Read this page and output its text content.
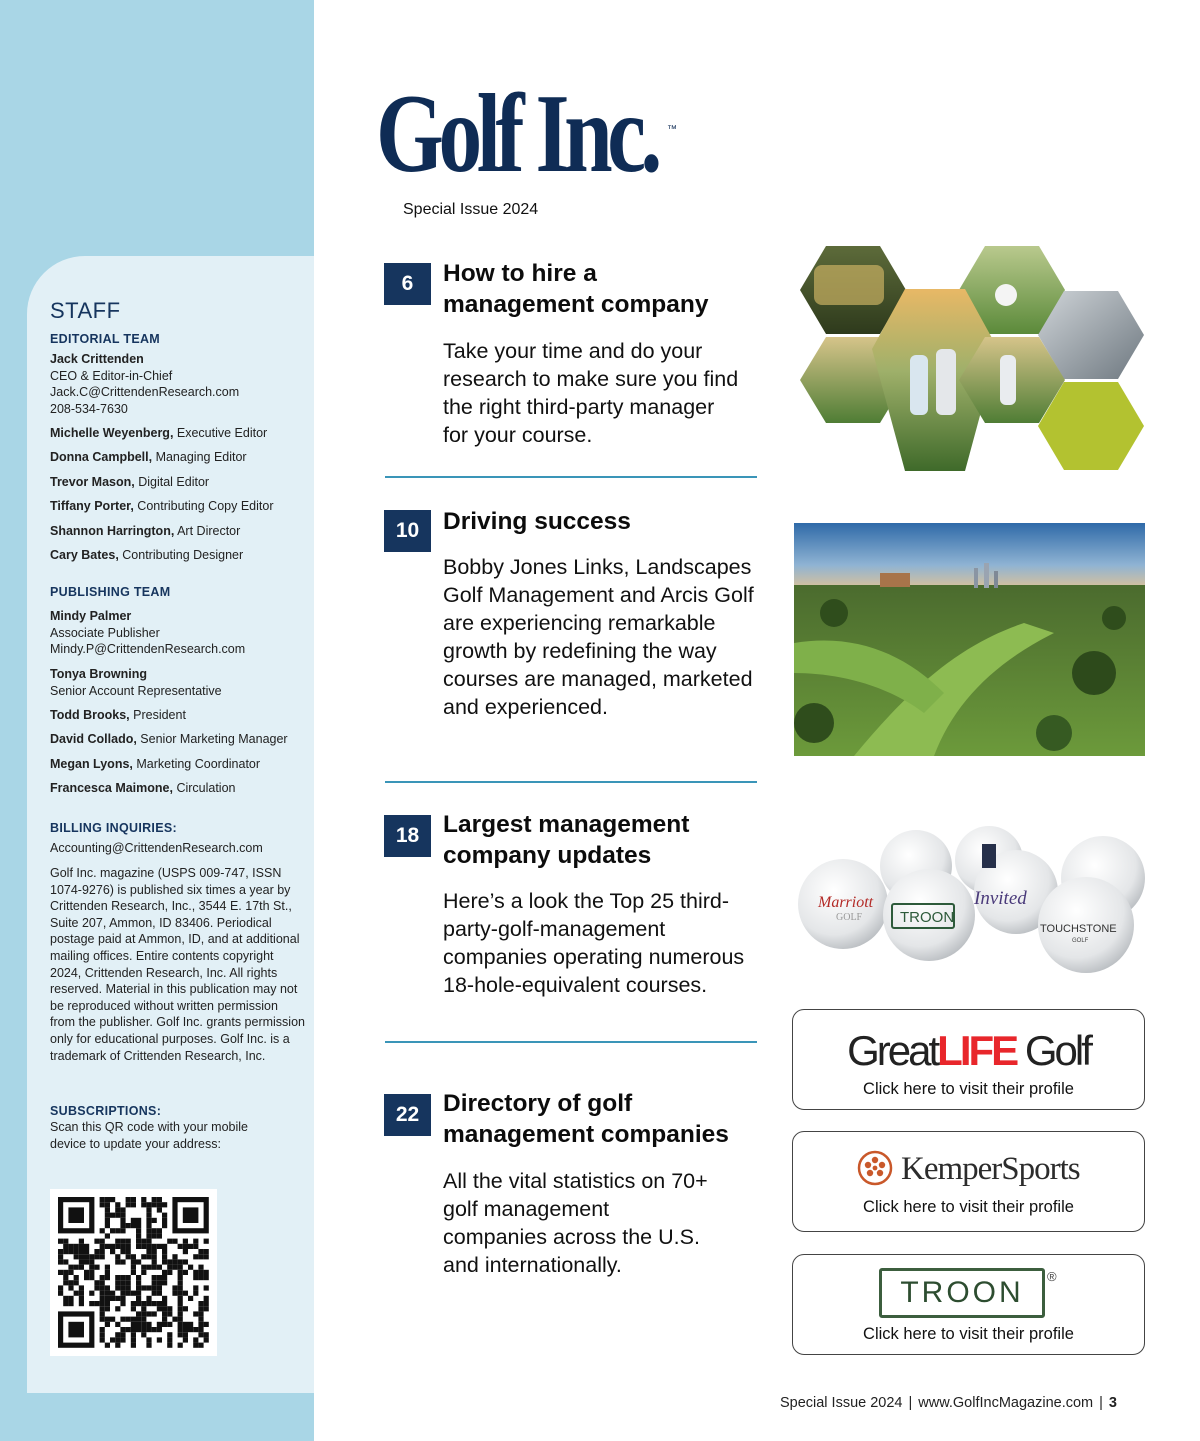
STAFF
EDITORIAL TEAM
Jack Crittenden
CEO & Editor-in-Chief
Jack.C@CrittendenResearch.com
208-534-7630
Michelle Weyenberg, Executive Editor
Donna Campbell, Managing Editor
Trevor Mason, Digital Editor
Tiffany Porter, Contributing Copy Editor
Shannon Harrington, Art Director
Cary Bates, Contributing Designer
PUBLISHING TEAM
Mindy Palmer
Associate Publisher
Mindy.P@CrittendenResearch.com
Tonya Browning
Senior Account Representative
Todd Brooks, President
David Collado, Senior Marketing Manager
Megan Lyons, Marketing Coordinator
Francesca Maimone, Circulation
BILLING INQUIRIES:
Accounting@CrittendenResearch.com
Golf Inc. magazine (USPS 009-747, ISSN 1074-9276) is published six times a year by Crittenden Research, Inc., 3544 E. 17th St., Suite 207, Ammon, ID 83406. Periodical postage paid at Ammon, ID, and at additional mailing offices. Entire contents copyright 2024, Crittenden Research, Inc. All rights reserved. Material in this publication may not be reproduced without written permission from the publisher. Golf Inc. grants permission only for educational purposes. Golf Inc. is a trademark of Crittenden Research, Inc.
SUBSCRIPTIONS:
Scan this QR code with your mobile device to update your address:
Golf Inc. ™
Special Issue 2024
6	How to hire a management company
Take your time and do your research to make sure you find the right third-party manager for your course.
10 Driving success
Bobby Jones Links, Landscapes Golf Management and Arcis Golf are experiencing remarkable growth by redefining the way courses are managed, marketed and experienced.
18 Largest management company updates
Here’s a look the Top 25 third-party-golf-management companies operating numerous 18-hole-equivalent courses.
22 Directory of golf management companies
All the vital statistics on 70+ golf management companies across the U.S. and internationally.
Marriott
GOLF	TROON
Invited
TOUCHSTONE
GOLF
GreatLIFE Golf
Click here to visit their profile
KemperSports
Click here to visit their profile
TROON	®
Click here to visit their profile
Special Issue 2024 | www.GolfIncMagazine.com | 3
